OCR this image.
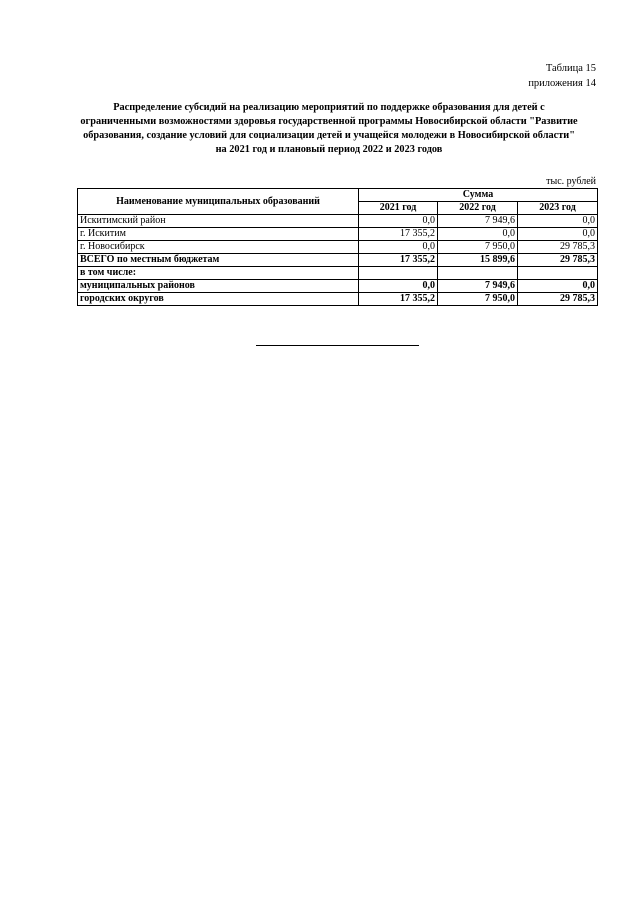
Таблица 15
приложения 14
Распределение субсидий на реализацию мероприятий по поддержке образования для детей с
ограниченными возможностями здоровья государственной программы Новосибирской области "Развитие
образования, создание условий для социализации детей и учащейся молодежи в Новосибирской области"
на 2021 год и плановый период 2022 и 2023 годов
тыс. рублей
Наименование муниципальных образований	Сумма		
	2021 год	2022 год	2023 год
Искитимский район	0,0	7 949,6	0,0
г. Искитим	17 355,2	0,0	0,0
г. Новосибирск	0,0	7 950,0	29 785,3
ВСЕГО по местным бюджетам	17 355,2	15 899,6	29 785,3
в том числе:			
муниципальных районов	0,0	7 949,6	0,0
городских округов	17 355,2	7 950,0	29 785,3
